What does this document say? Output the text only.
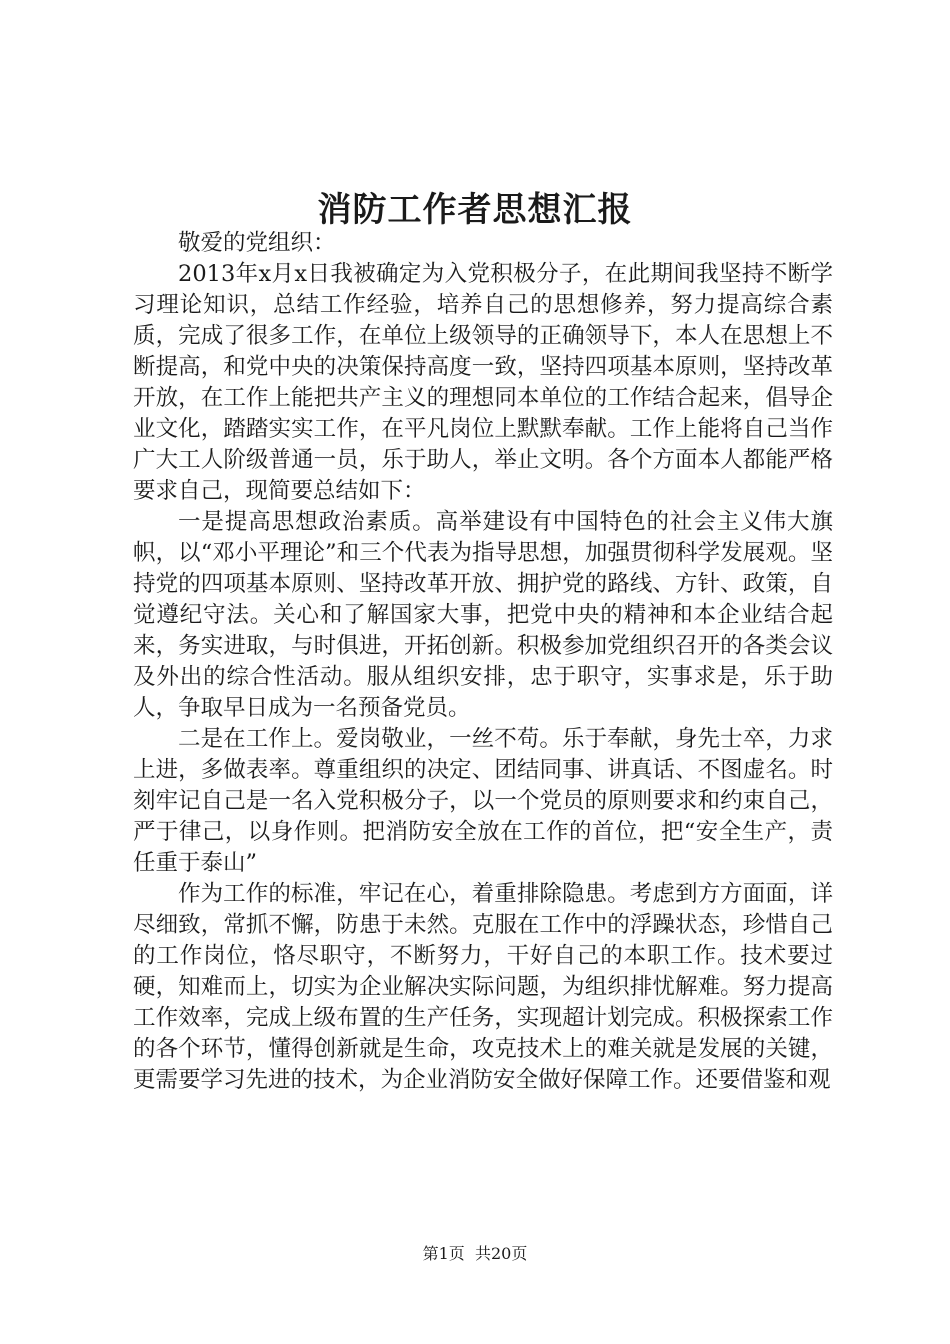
消防工作者思想汇报

敬爱的党组织：

2013年x月x日我被确定为入党积极分子，在此期间我坚持不断学习理论知识，总结工作经验，培养自己的思想修养，努力提高综合素质，完成了很多工作，在单位上级领导的正确领导下，本人在思想上不断提高，和党中央的决策保持高度一致，坚持四项基本原则，坚持改革开放，在工作上能把共产主义的理想同本单位的工作结合起来，倡导企业文化，踏踏实实工作，在平凡岗位上默默奉献。工作上能将自己当作广大工人阶级普通一员，乐于助人，举止文明。各个方面本人都能严格要求自己，现简要总结如下：

一是提高思想政治素质。高举建设有中国特色的社会主义伟大旗帜，以“邓小平理论”和三个代表为指导思想，加强贯彻科学发展观。坚持党的四项基本原则、坚持改革开放、拥护党的路线、方针、政策，自觉遵纪守法。关心和了解国家大事，把党中央的精神和本企业结合起来，务实进取，与时俱进，开拓创新。积极参加党组织召开的各类会议及外出的综合性活动。服从组织安排，忠于职守，实事求是，乐于助人，争取早日成为一名预备党员。

二是在工作上。爱岗敬业，一丝不苟。乐于奉献，身先士卒，力求上进，多做表率。尊重组织的决定、团结同事、讲真话、不图虚名。时刻牢记自己是一名入党积极分子，以一个党员的原则要求和约束自己，严于律己，以身作则。把消防安全放在工作的首位，把“安全生产，责任重于泰山”

作为工作的标准，牢记在心，着重排除隐患。考虑到方方面面，详尽细致，常抓不懈，防患于未然。克服在工作中的浮躁状态，珍惜自己的工作岗位，恪尽职守，不断努力，干好自己的本职工作。技术要过硬，知难而上，切实为企业解决实际问题，为组织排忧解难。努力提高工作效率，完成上级布置的生产任务，实现超计划完成。积极探索工作的各个环节，懂得创新就是生命，攻克技术上的难关就是发展的关键，更需要学习先进的技术，为企业消防安全做好保障工作。还要借鉴和观

第1页 共20页
